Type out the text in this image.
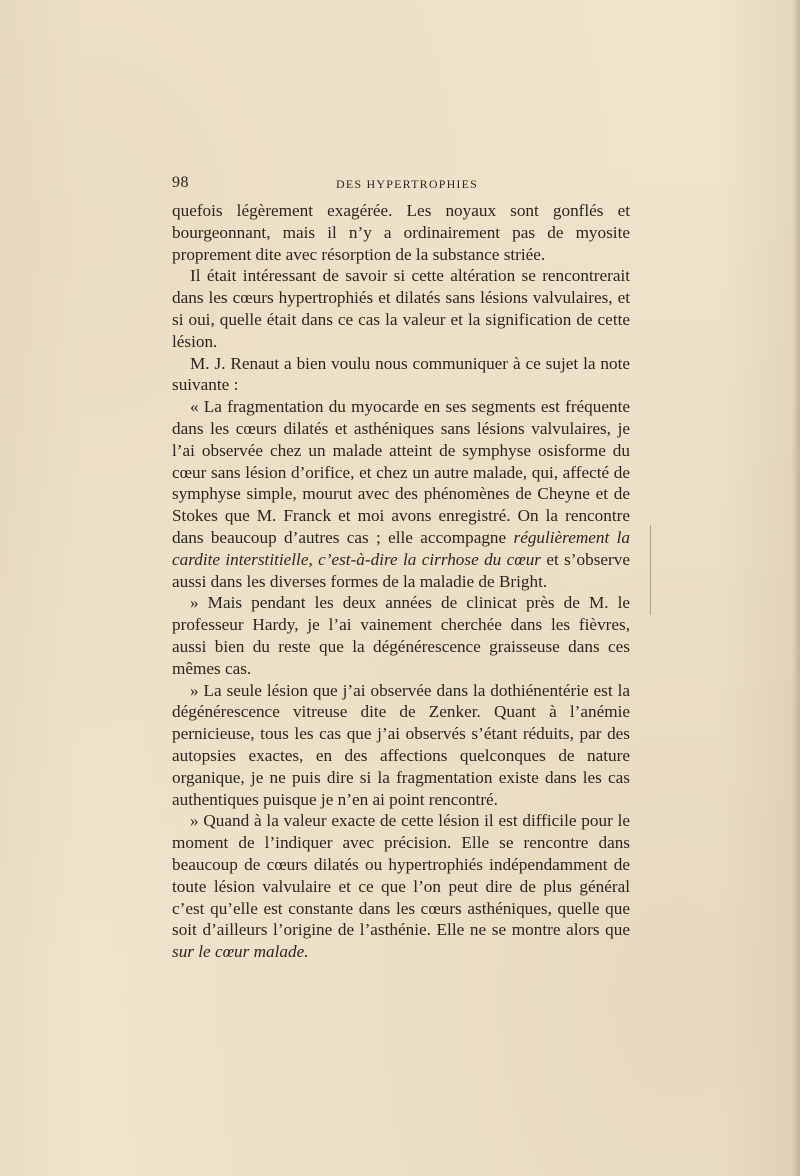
98	DES HYPERTROPHIES

quefois légèrement exagérée. Les noyaux sont gonflés et bourgeonnant, mais il n’y a ordinairement pas de myosite proprement dite avec résorption de la substance striée.

Il était intéressant de savoir si cette altération se rencontrerait dans les cœurs hypertrophiés et dilatés sans lésions valvulaires, et si oui, quelle était dans ce cas la valeur et la signification de cette lésion.

M. J. Renaut a bien voulu nous communiquer à ce sujet la note suivante :

« La fragmentation du myocarde en ses segments est fréquente dans les cœurs dilatés et asthéniques sans lésions valvulaires, je l’ai observée chez un malade atteint de symphyse osisforme du cœur sans lésion d’orifice, et chez un autre malade, qui, affecté de symphyse simple, mourut avec des phénomènes de Cheyne et de Stokes que M. Franck et moi avons enregistré. On la rencontre dans beaucoup d’autres cas ; elle accompagne régulièrement la cardite interstitielle, c’est-à-dire la cirrhose du cœur et s’observe aussi dans les diverses formes de la maladie de Bright.

» Mais pendant les deux années de clinicat près de M. le professeur Hardy, je l’ai vainement cherchée dans les fièvres, aussi bien du reste que la dégénérescence graisseuse dans ces mêmes cas.

» La seule lésion que j’ai observée dans la dothiénentérie est la dégénérescence vitreuse dite de Zenker. Quant à l’anémie pernicieuse, tous les cas que j’ai observés s’étant réduits, par des autopsies exactes, en des affections quelconques de nature organique, je ne puis dire si la fragmentation existe dans les cas authentiques puisque je n’en ai point rencontré.

» Quand à la valeur exacte de cette lésion il est difficile pour le moment de l’indiquer avec précision. Elle se rencontre dans beaucoup de cœurs dilatés ou hypertrophiés indépendamment de toute lésion valvulaire et ce que l’on peut dire de plus général c’est qu’elle est constante dans les cœurs asthéniques, quelle que soit d’ailleurs l’origine de l’asthénie. Elle ne se montre alors que sur le cœur malade.
